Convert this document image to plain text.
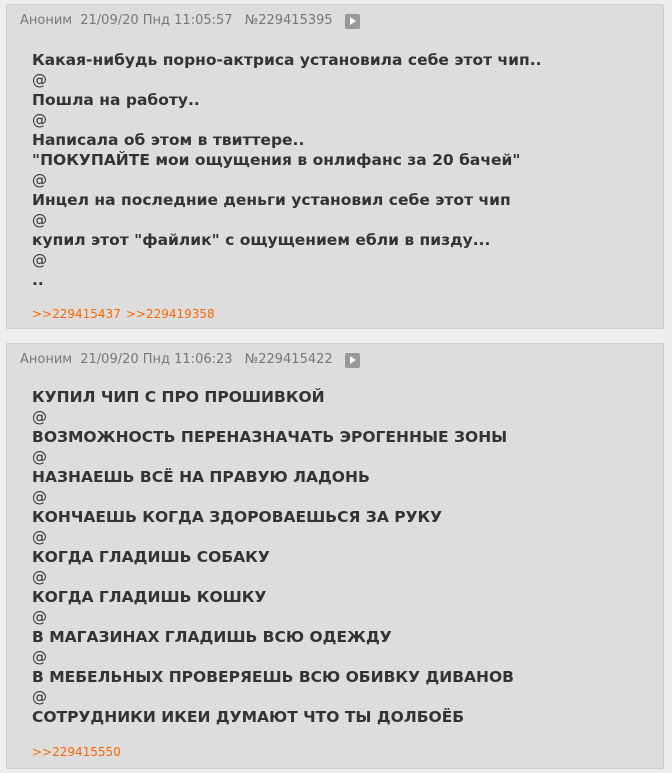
Аноним 21/09/20 Пнд 11:05:57 №229415395
Какая-нибудь порно-актриса установила себе этот чип..
@
Пошла на работу..
@
Написала об этом в твиттере..
"ПОКУПАЙТЕ мои ощущения в онлифанс за 20 бачей"
@
Инцел на последние деньги установил себе этот чип
@
купил этот "файлик" с ощущением ебли в пизду...
@
..
>>229415437 >>229419358
Аноним 21/09/20 Пнд 11:06:23 №229415422
КУПИЛ ЧИП С ПРО ПРОШИВКОЙ
@
ВОЗМОЖНОСТЬ ПЕРЕНАЗНАЧАТЬ ЭРОГЕННЫЕ ЗОНЫ
@
НАЗНАЕШЬ ВСЁ НА ПРАВУЮ ЛАДОНЬ
@
КОНЧАЕШЬ КОГДА ЗДОРОВАЕШЬСЯ ЗА РУКУ
@
КОГДА ГЛАДИШЬ СОБАКУ
@
КОГДА ГЛАДИШЬ КОШКУ
@
В МАГАЗИНАХ ГЛАДИШЬ ВСЮ ОДЕЖДУ
@
В МЕБЕЛЬНЫХ ПРОВЕРЯЕШЬ ВСЮ ОБИВКУ ДИВАНОВ
@
СОТРУДНИКИ ИКЕИ ДУМАЮТ ЧТО ТЫ ДОЛБОЁБ
>>229415550
